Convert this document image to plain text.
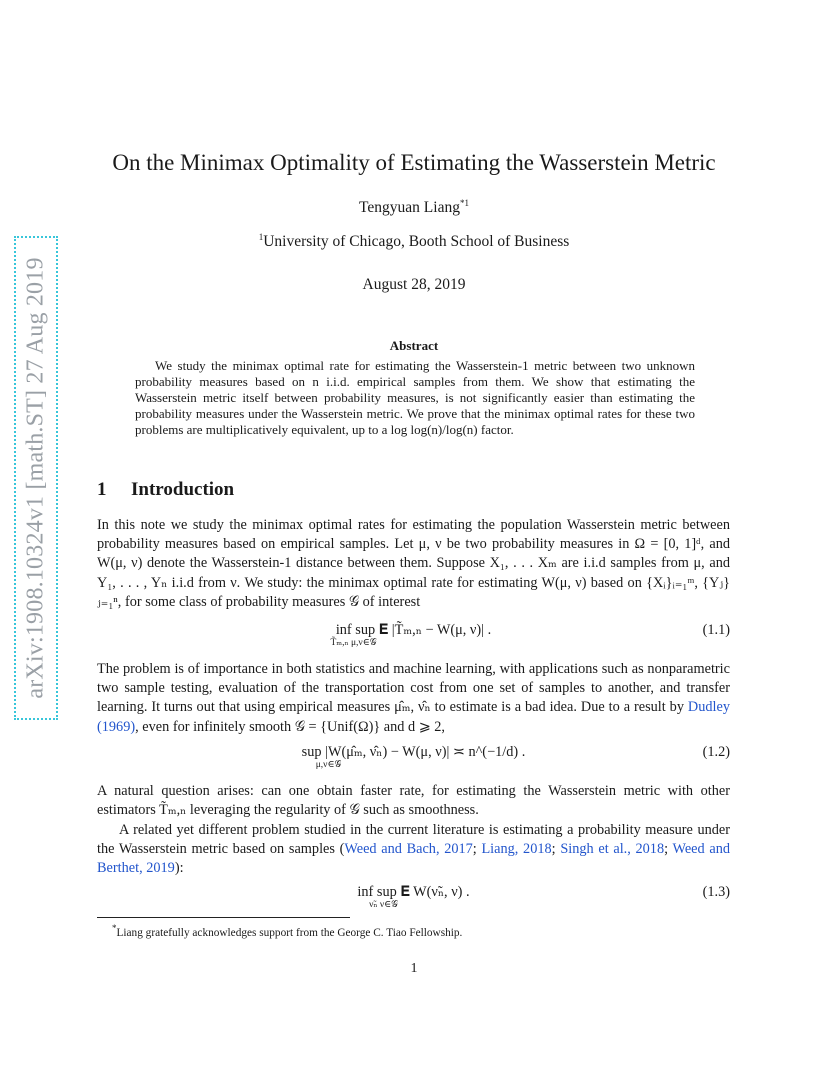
arXiv:1908.10324v1 [math.ST] 27 Aug 2019
On the Minimax Optimality of Estimating the Wasserstein Metric
Tengyuan Liang$^{*1}$
$^1$University of Chicago, Booth School of Business
August 28, 2019
Abstract
We study the minimax optimal rate for estimating the Wasserstein-1 metric between two unknown probability measures based on n i.i.d. empirical samples from them. We show that estimating the Wasserstein metric itself between probability measures, is not significantly easier than estimating the probability measures under the Wasserstein metric. We prove that the minimax optimal rates for these two problems are multiplicatively equivalent, up to a log log(n)/log(n) factor.
1 Introduction
In this note we study the minimax optimal rates for estimating the population Wasserstein metric between probability measures based on empirical samples. Let μ, ν be two probability measures in Ω = [0, 1]ᵈ, and W(μ, ν) denote the Wasserstein-1 distance between them. Suppose X₁, . . . Xₘ are i.i.d samples from μ, and Y₁, . . . , Yₙ i.i.d from ν. We study: the minimax optimal rate for estimating W(μ, ν) based on {Xᵢ}ᵢ₌₁ᵐ, {Yⱼ}ⱼ₌₁ⁿ, for some class of probability measures 𝒢 of interest
inf sup 𝐄 |T̃ₘ,ₙ − W(μ, ν)| .
T̃ₘ,ₙ μ,ν∈𝒢
(1.1)
The problem is of importance in both statistics and machine learning, with applications such as nonparametric two sample testing, evaluation of the transportation cost from one set of samples to another, and transfer learning. It turns out that using empirical measures μ̂ₘ, ν̂ₙ to estimate is a bad idea. Due to a result by Dudley (1969), even for infinitely smooth 𝒢 = {Unif(Ω)} and d ⩾ 2,
sup |W(μ̂ₘ, ν̂ₙ) − W(μ, ν)| ≍ n^(−1/d) .
μ,ν∈𝒢
(1.2)
A natural question arises: can one obtain faster rate, for estimating the Wasserstein metric with other estimators T̃ₘ,ₙ leveraging the regularity of 𝒢 such as smoothness.
A related yet different problem studied in the current literature is estimating a probability measure under the Wasserstein metric based on samples (Weed and Bach, 2017; Liang, 2018; Singh et al., 2018; Weed and Berthet, 2019):
inf sup 𝐄 W(ν̃ₙ, ν) .
ν̃ₙ ν∈𝒢
(1.3)
*Liang gratefully acknowledges support from the George C. Tiao Fellowship.
1
